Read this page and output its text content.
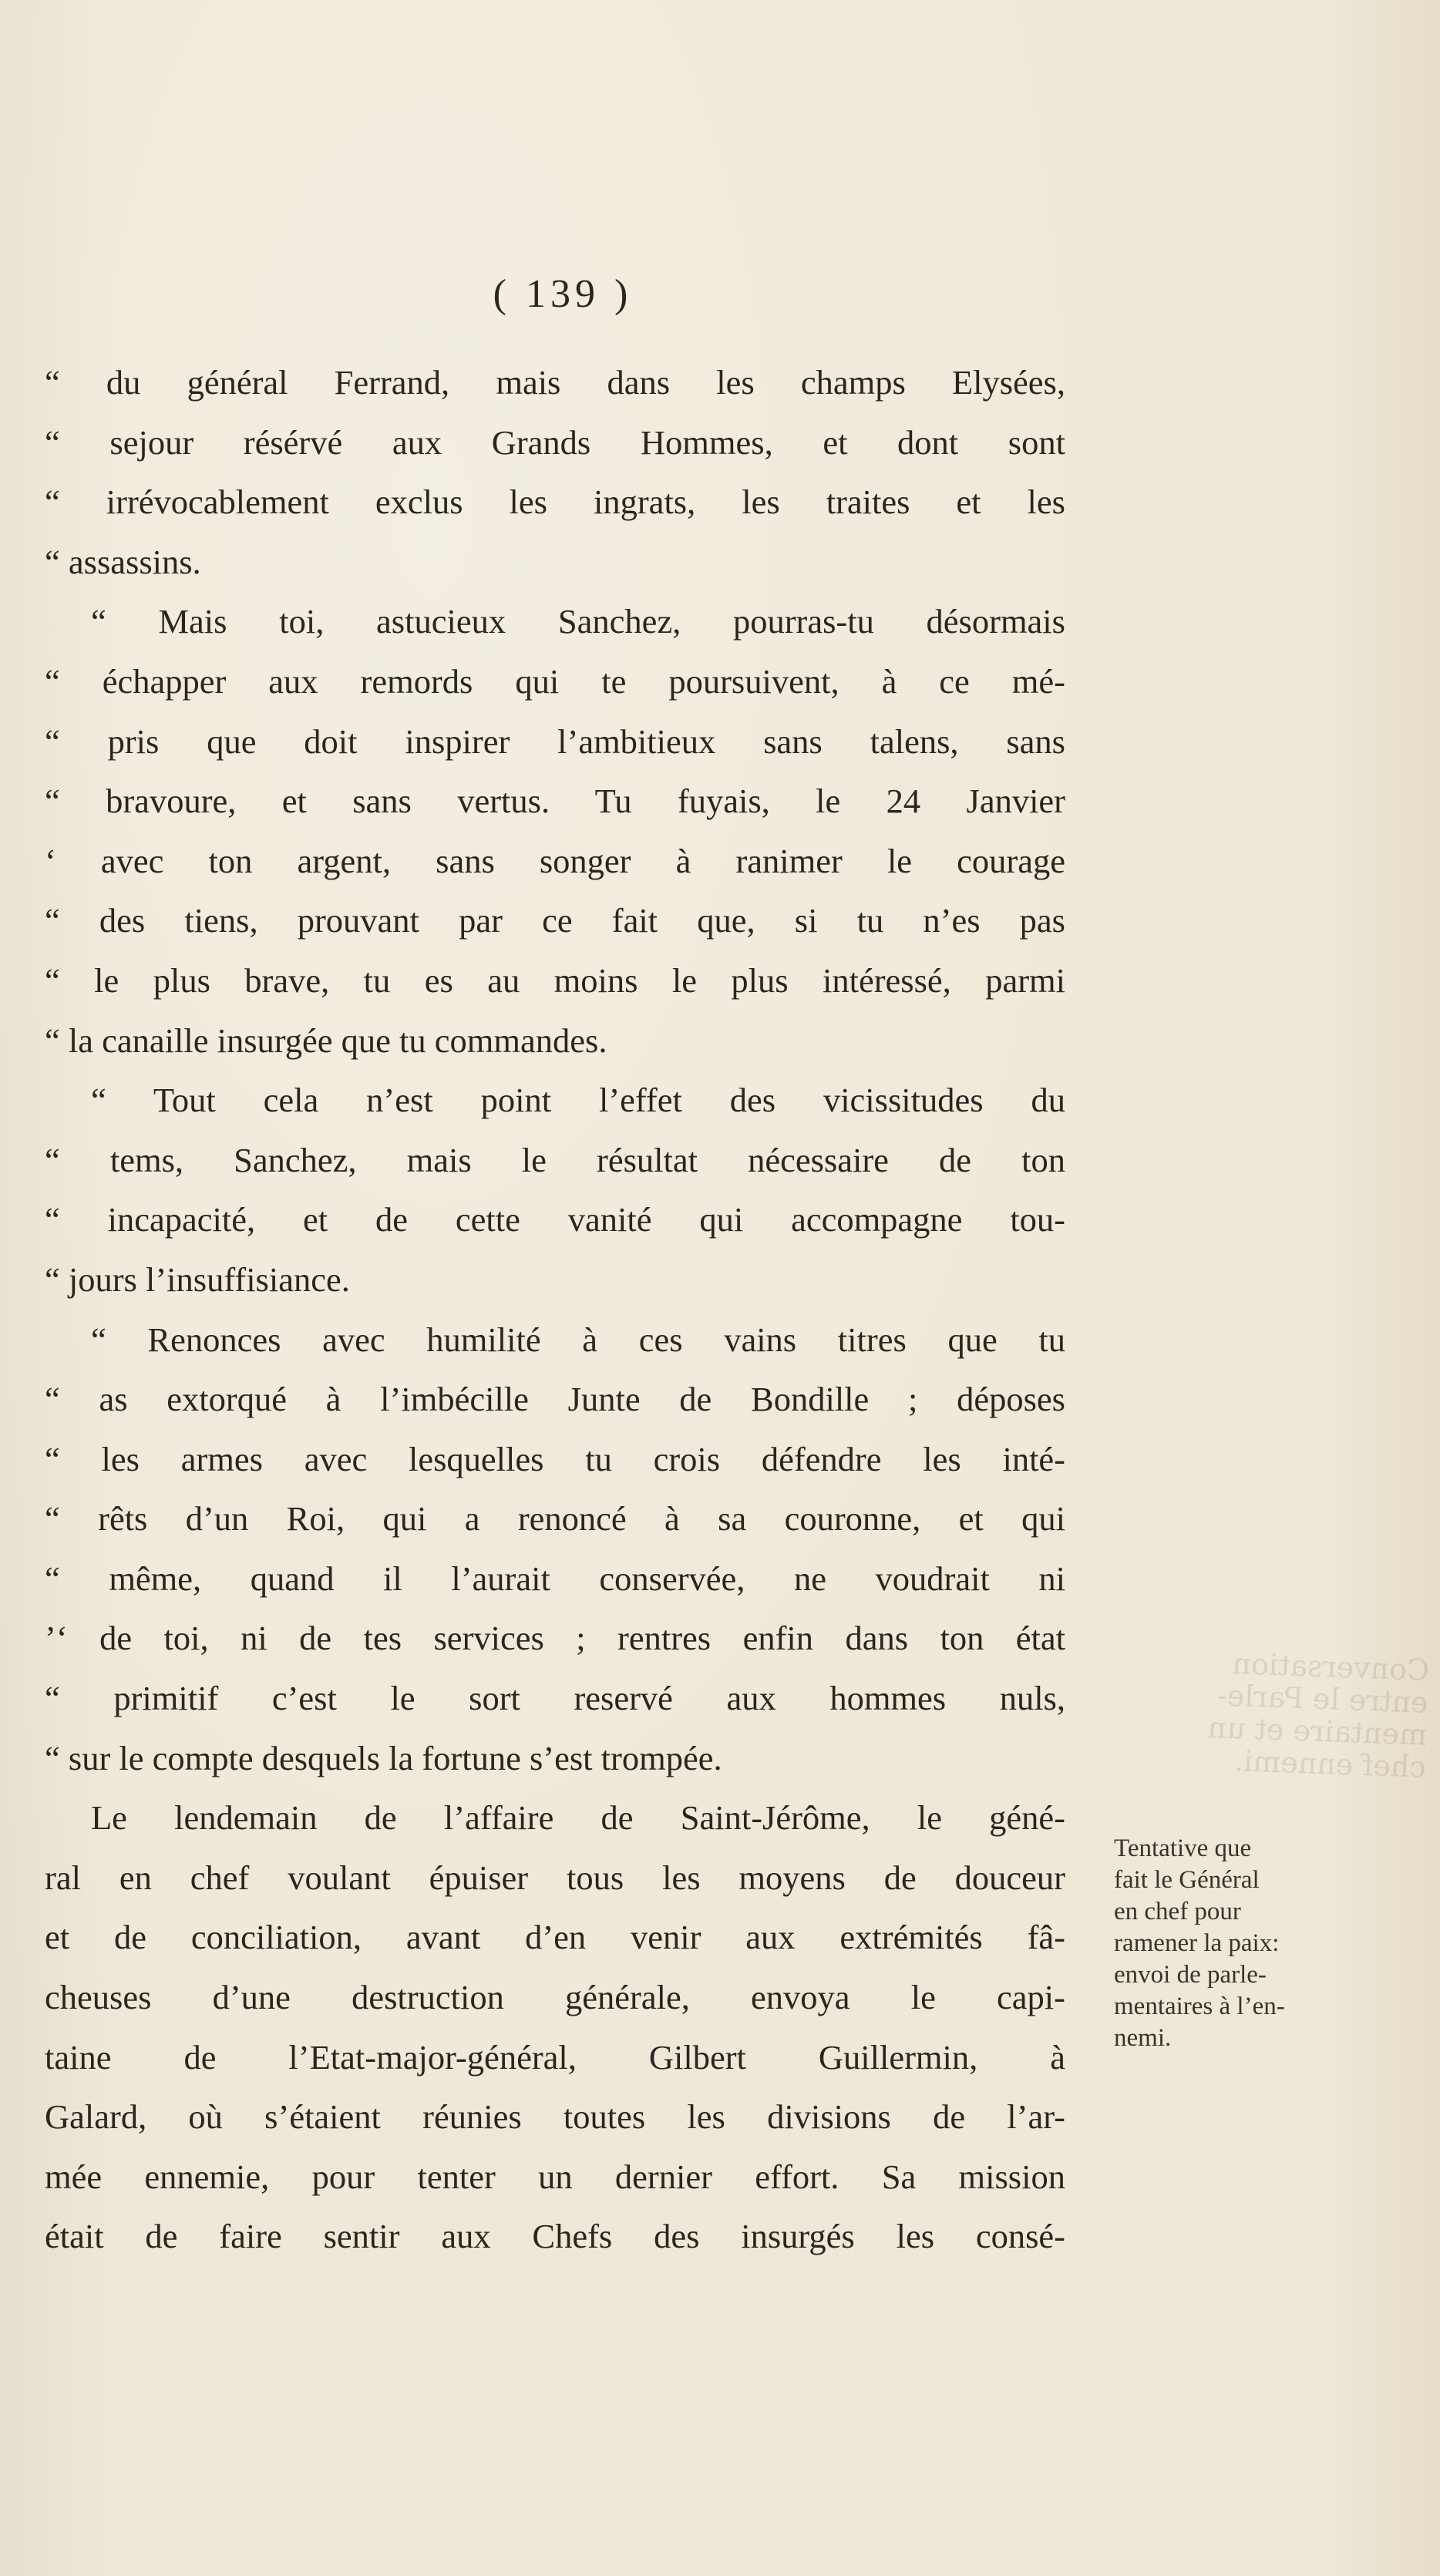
( 139 )
“ du général Ferrand, mais dans les champs Elysées,
“ sejour résérvé aux Grands Hommes, et dont sont
“ irrévocablement exclus les ingrats, les traites et les
“ assassins.
“ Mais toi, astucieux Sanchez, pourras-tu désormais
“ échapper aux remords qui te poursuivent, à ce mé-
“ pris que doit inspirer l’ambitieux sans talens, sans
“ bravoure, et sans vertus. Tu fuyais, le 24 Janvier
‘ avec ton argent, sans songer à ranimer le courage
“ des tiens, prouvant par ce fait que, si tu n’es pas
“ le plus brave, tu es au moins le plus intéressé, parmi
“ la canaille insurgée que tu commandes.
“ Tout cela n’est point l’effet des vicissitudes du
“ tems, Sanchez, mais le résultat nécessaire de ton
“ incapacité, et de cette vanité qui accompagne tou-
“ jours l’insuffisiance.
“ Renonces avec humilité à ces vains titres que tu
“ as extorqué à l’imbécille Junte de Bondille ; déposes
“ les armes avec lesquelles tu crois défendre les inté-
“ rêts d’un Roi, qui a renoncé à sa couronne, et qui
“ même, quand il l’aurait conservée, ne voudrait ni
’‘ de toi, ni de tes services ; rentres enfin dans ton état
“ primitif c’est le sort reservé aux hommes nuls,
“ sur le compte desquels la fortune s’est trompée.
Le lendemain de l’affaire de Saint-Jérôme, le géné-
ral en chef voulant épuiser tous les moyens de douceur
et de conciliation, avant d’en venir aux extrémités fâ-
cheuses d’une destruction générale, envoya le capi-
taine de l’Etat-major-général, Gilbert Guillermin, à
Galard, où s’étaient réunies toutes les divisions de l’ar-
mée ennemie, pour tenter un dernier effort. Sa mission
était de faire sentir aux Chefs des insurgés les consé-
Tentative que
fait le Général
en chef pour
ramener la paix:
envoi de parle-
mentaires à l’en-
nemi.
Conversation
entre le Parle-
mentaire et un
chef ennemi.
